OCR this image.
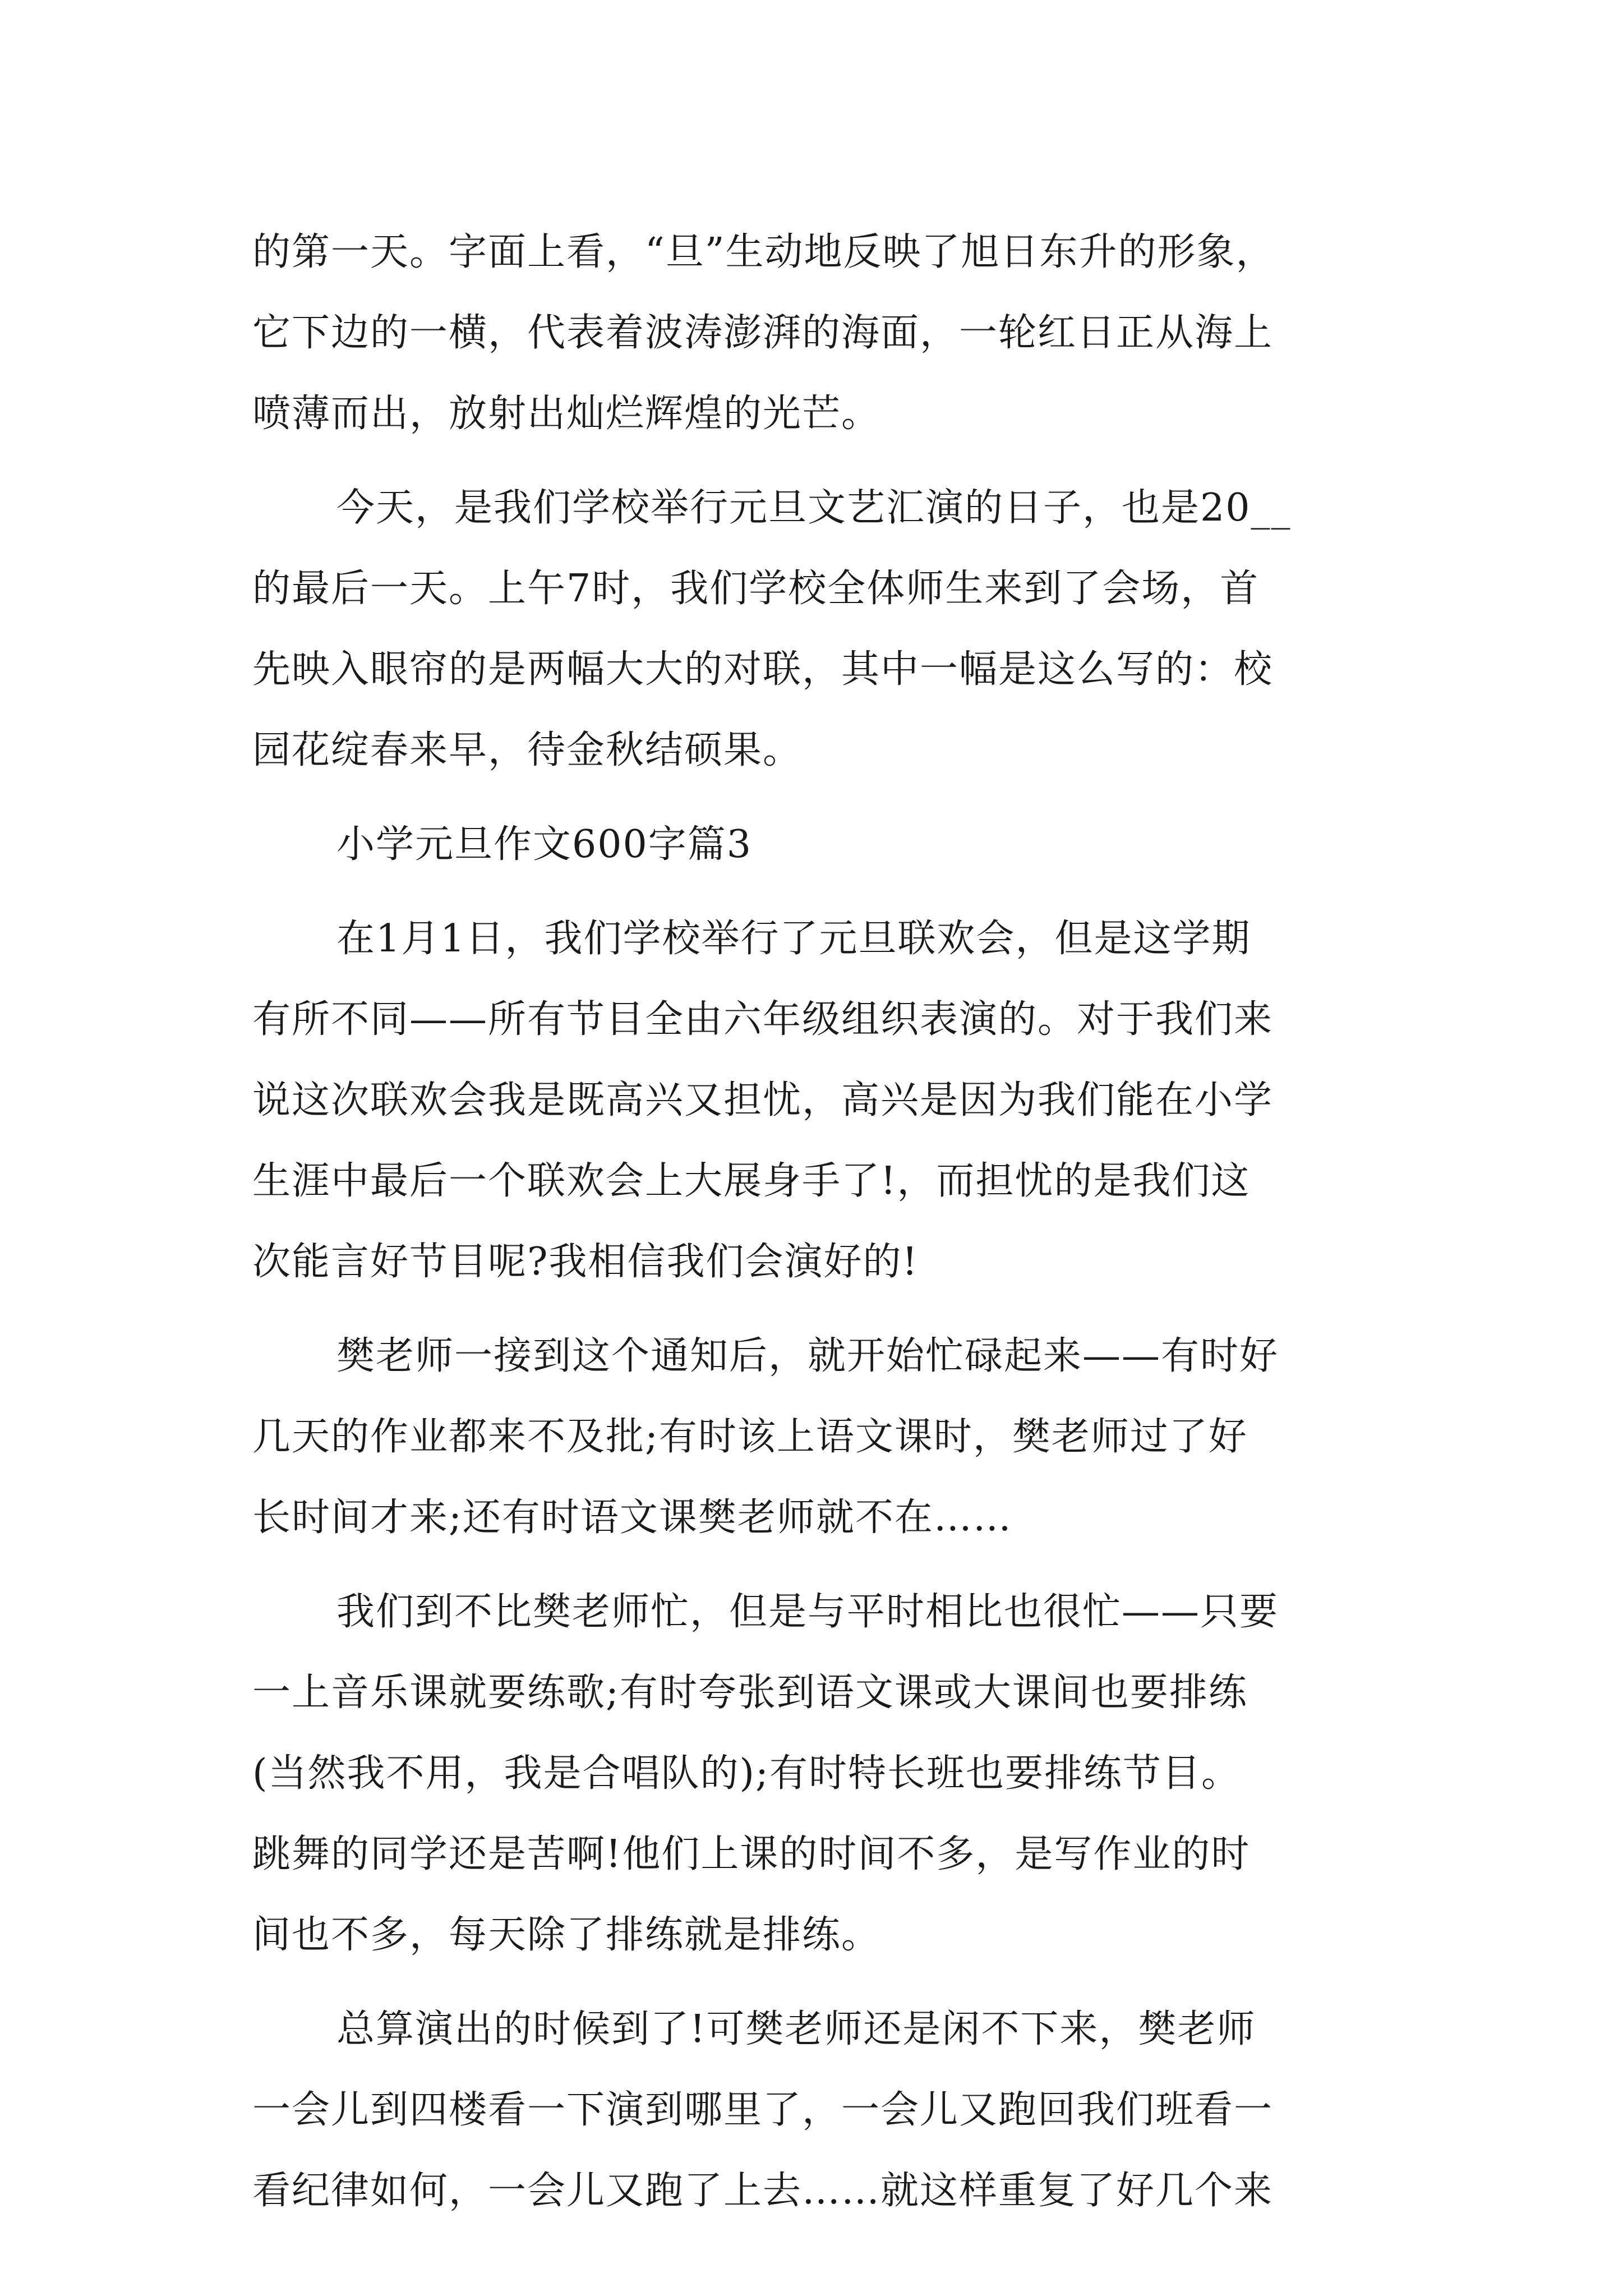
的第一天。字面上看，“旦”生动地反映了旭日东升的形象，
它下边的一横，代表着波涛澎湃的海面，一轮红日正从海上
喷薄而出，放射出灿烂辉煌的光芒。
今天，是我们学校举行元旦文艺汇演的日子，也是20__
的最后一天。上午7时，我们学校全体师生来到了会场，首
先映入眼帘的是两幅大大的对联，其中一幅是这么写的：校
园花绽春来早，待金秋结硕果。
小学元旦作文600字篇3
在1月1日，我们学校举行了元旦联欢会，但是这学期
有所不同——所有节目全由六年级组织表演的。对于我们来
说这次联欢会我是既高兴又担忧，高兴是因为我们能在小学
生涯中最后一个联欢会上大展身手了!，而担忧的是我们这
次能言好节目呢?我相信我们会演好的!
樊老师一接到这个通知后，就开始忙碌起来——有时好
几天的作业都来不及批;有时该上语文课时，樊老师过了好
长时间才来;还有时语文课樊老师就不在……
我们到不比樊老师忙，但是与平时相比也很忙——只要
一上音乐课就要练歌;有时夸张到语文课或大课间也要排练
(当然我不用，我是合唱队的);有时特长班也要排练节目。
跳舞的同学还是苦啊!他们上课的时间不多，是写作业的时
间也不多，每天除了排练就是排练。
总算演出的时候到了!可樊老师还是闲不下来，樊老师
一会儿到四楼看一下演到哪里了，一会儿又跑回我们班看一
看纪律如何，一会儿又跑了上去……就这样重复了好几个来
